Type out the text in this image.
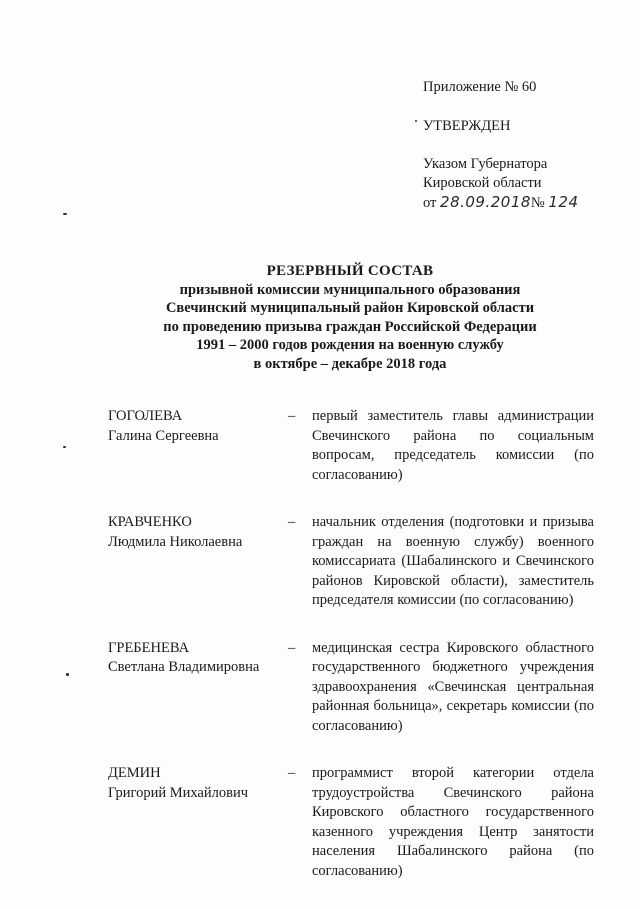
Приложение № 60
УТВЕРЖДЕН
Указом Губернатора
Кировской области
от 28.09.2018№ 124
РЕЗЕРВНЫЙ СОСТАВ
призывной комиссии муниципального образования
Свечинский муниципальный район Кировской области
по проведению призыва граждан Российской Федерации
1991 – 2000 годов рождения на военную службу
в октябре – декабре 2018 года
ГОГОЛЕВА
Галина Сергеевна
–	первый заместитель главы администрации Свечинского района по социальным вопросам, председатель комиссии (по согласованию)
КРАВЧЕНКО
Людмила Николаевна
–	начальник отделения (подготовки и призыва граждан на военную службу) военного комиссариата (Шабалинского и Свечинского районов Кировской области), заместитель председателя комиссии (по согласованию)
ГРЕБЕНЕВА
Светлана Владимировна
–	медицинская сестра Кировского областного государственного бюджетного учреждения здравоохранения «Свечинская центральная районная больница», секретарь комиссии (по согласованию)
ДЕМИН
Григорий Михайлович
–	программист второй категории отдела трудоустройства Свечинского района Кировского областного государственного казенного учреждения Центр занятости населения Шабалинского района (по согласованию)
